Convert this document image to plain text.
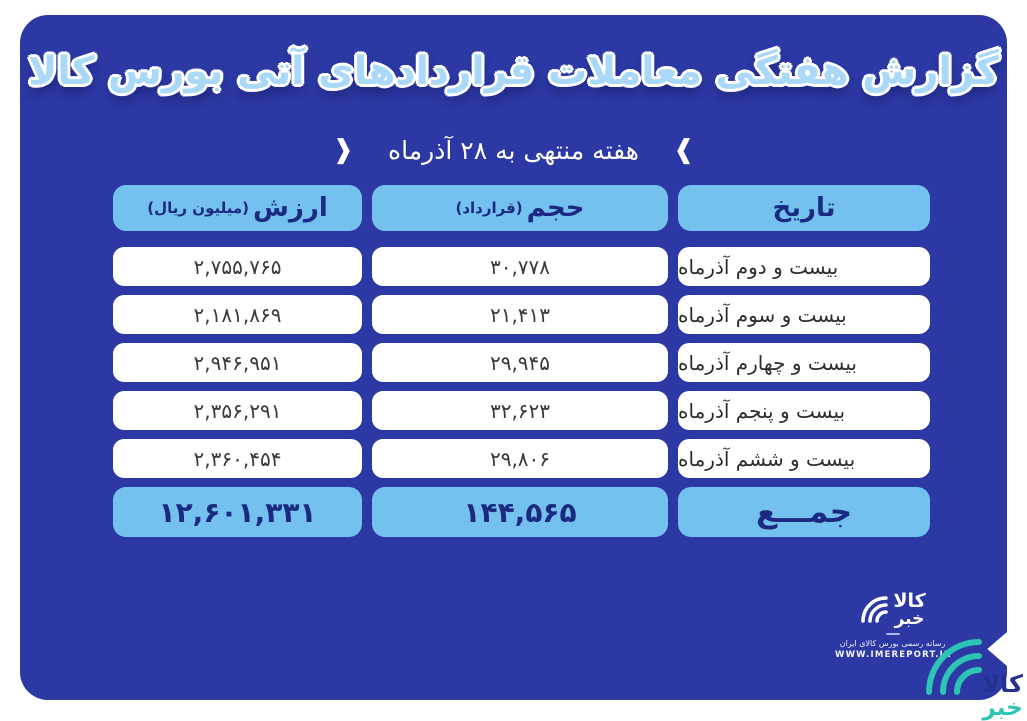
گزارش هفتگی معاملات قراردادهای آتی بورس کالا
❱ هفته منتهی به ۲۸ آذرماه ❰
تاریخ
حجم
(قرارداد)
ارزش
(میلیون ریال)
بیست و دوم آذرماه
۳۰,۷۷۸
۲,۷۵۵,۷۶۵
بیست و سوم آذرماه
۲۱,۴۱۳
۲,۱۸۱,۸۶۹
بیست و چهارم آذرماه
۲۹,۹۴۵
۲,۹۴۶,۹۵۱
بیست و پنجم آذرماه
۳۲,۶۲۳
۲,۳۵۶,۲۹۱
بیست و ششم آذرماه
۲۹,۸۰۶
۲,۳۶۰,۴۵۴
جمـــع
۱۴۴,۵۶۵
۱۲,۶۰۱,۳۳۱
کالا
خبر
رسانه رسمی بورس کالای ایران
WWW.IMEREPORT.IR
کالا
خبر
